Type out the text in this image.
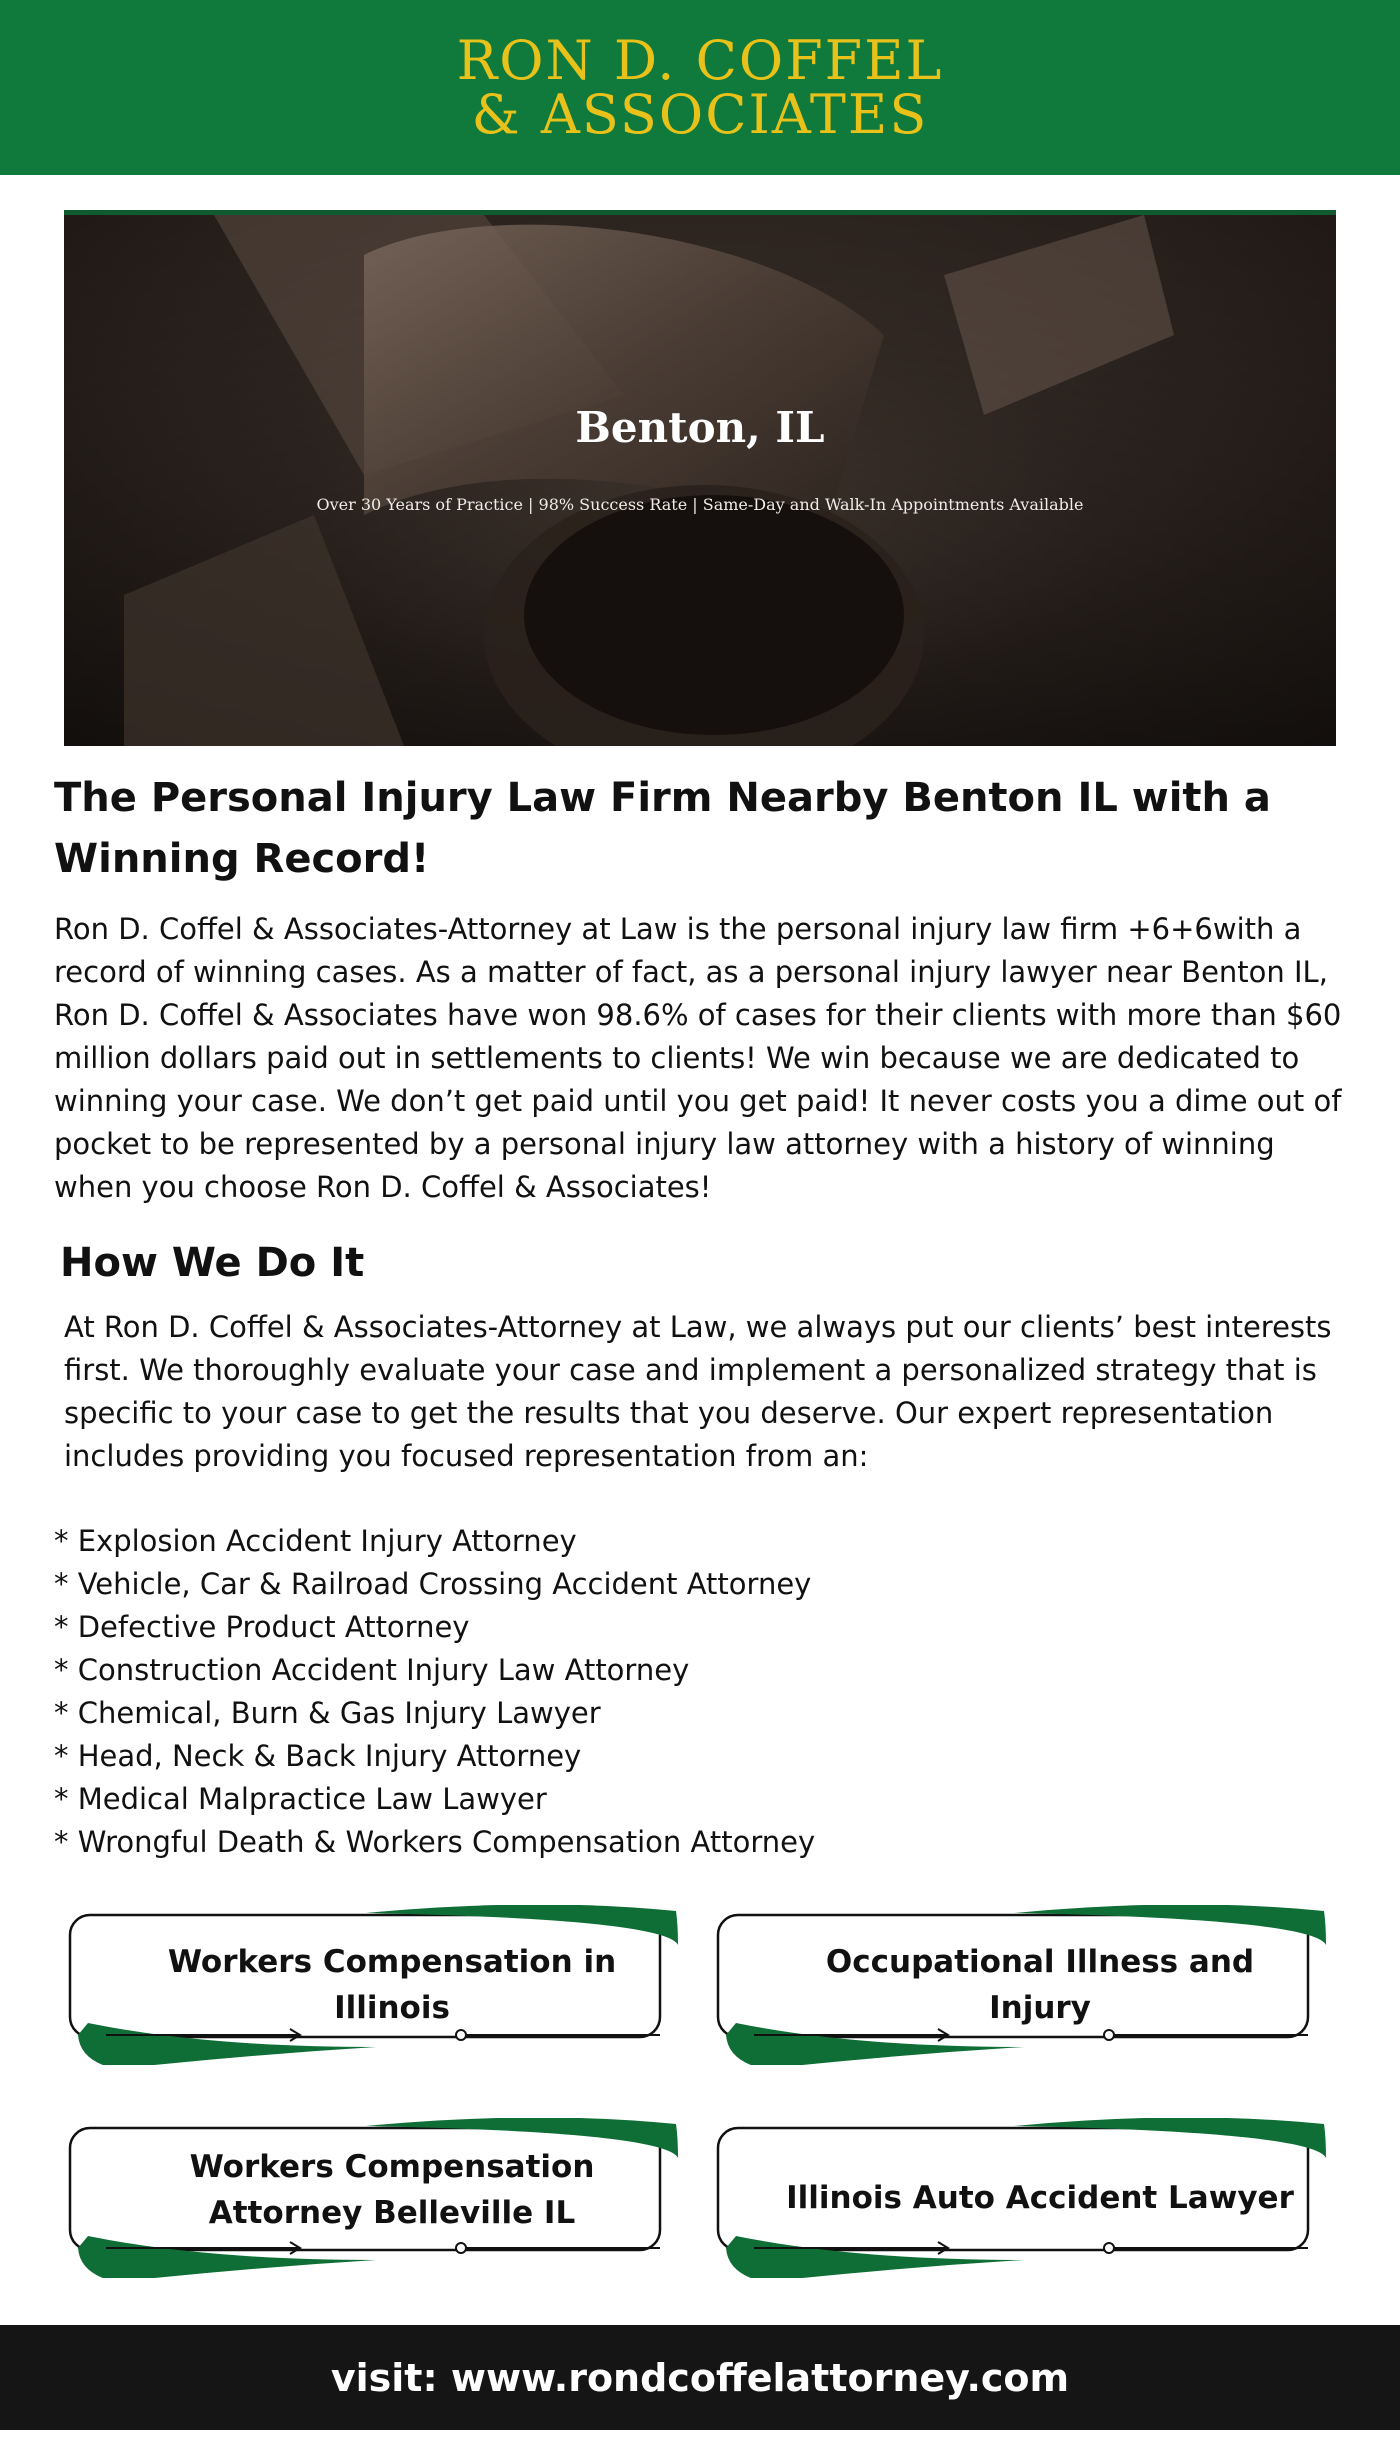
RON D. COFFEL
& ASSOCIATES
Benton, IL
Over 30 Years of Practice | 98% Success Rate | Same-Day and Walk-In Appointments Available
The Personal Injury Law Firm Nearby Benton IL with a Winning Record!
Ron D. Coffel & Associates-Attorney at Law is the personal injury law firm +6+6with a record of winning cases. As a matter of fact, as a personal injury lawyer near Benton IL, Ron D. Coffel & Associates have won 98.6% of cases for their clients with more than $60 million dollars paid out in settlements to clients! We win because we are dedicated to winning your case. We don’t get paid until you get paid! It never costs you a dime out of pocket to be represented by a personal injury law attorney with a history of winning when you choose Ron D. Coffel & Associates!
How We Do It
At Ron D. Coffel & Associates-Attorney at Law, we always put our clients’ best interests first. We thoroughly evaluate your case and implement a personalized strategy that is specific to your case to get the results that you deserve. Our expert representation includes providing you focused representation from an:
* Explosion Accident Injury Attorney
* Vehicle, Car & Railroad Crossing Accident Attorney
* Defective Product Attorney
* Construction Accident Injury Law Attorney
* Chemical, Burn & Gas Injury Lawyer
* Head, Neck & Back Injury Attorney
* Medical Malpractice Law Lawyer
* Wrongful Death & Workers Compensation Attorney
Workers Compensation in Illinois
Occupational Illness and Injury
Workers Compensation Attorney Belleville IL	Illinois Auto Accident Lawyer
visit: www.rondcoffelattorney.com
